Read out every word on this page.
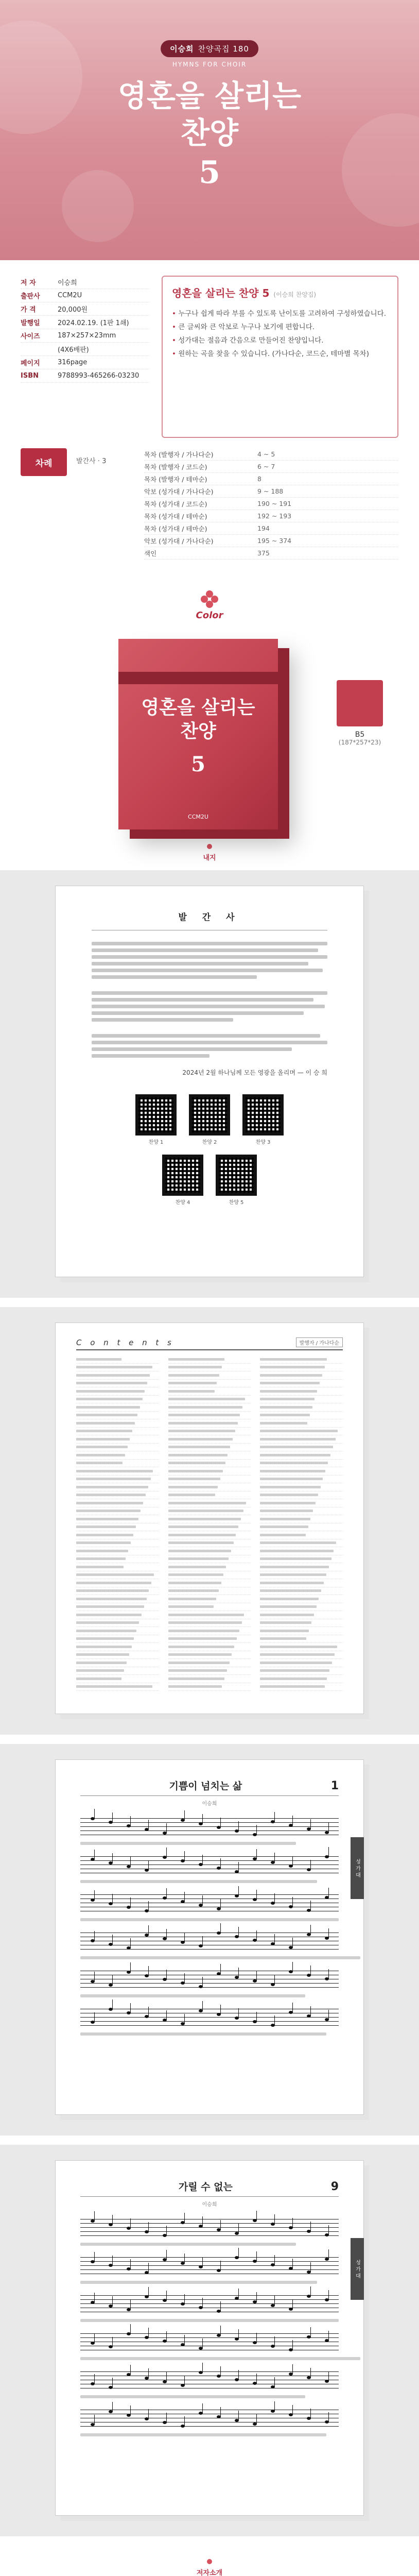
이승희 찬양곡집 180
HYMNS FOR CHOIR
영혼을 살리는
찬양
5
저 자	이승희
출판사	CCM2U
가 격	20,000원
발행일	2024.02.19. (1판 1쇄)
사이즈	187×257×23mm
(4X6배판)
페이지	316page
ISBN	9788993-465266-03230
영혼을 살리는 찬양 5 (이승희 찬양집)
• 누구나 쉽게 따라 부를 수 있도록 난이도를 고려하여 구성하였습니다.
• 큰 글씨와 큰 악보로 누구나 보기에 편합니다.
• 성가대는 절음과 간음으로 만들어진 찬양입니다.
• 원하는 곡을 찾을 수 있습니다. (가나다순, 코드순, 테마별 목차)
차례	발간사 · 3
목차 (발행자 / 가나다순)	4 ~ 5
목차 (발행자 / 코드순)	6 ~ 7
목차 (발행자 / 테마순)	8
악보 (성가대 / 가나다순)	9 ~ 188
목차 (성가대 / 코드순)	190 ~ 191
목차 (성가대 / 테마순)	192 ~ 193
목차 (성가대 / 테마순)	194
악보 (성가대 / 가나다순)	195 ~ 374
색인	375
Color
영혼을 살리는
찬양
5
CCM2U
B5
(187*257*23)
내지
발 간 사
2024년 2월 하나님께 모든 영광을 올리며 — 이 승 희
찬양 1	찬양 2	찬양 3
찬양 4	찬양 5
C o n t e n t s	발행자 / 가나다순
기쁨이 넘치는 삶	1
이승희
성 가 대
가릴 수 없는	9
이승희
성 가 대
저자소개
